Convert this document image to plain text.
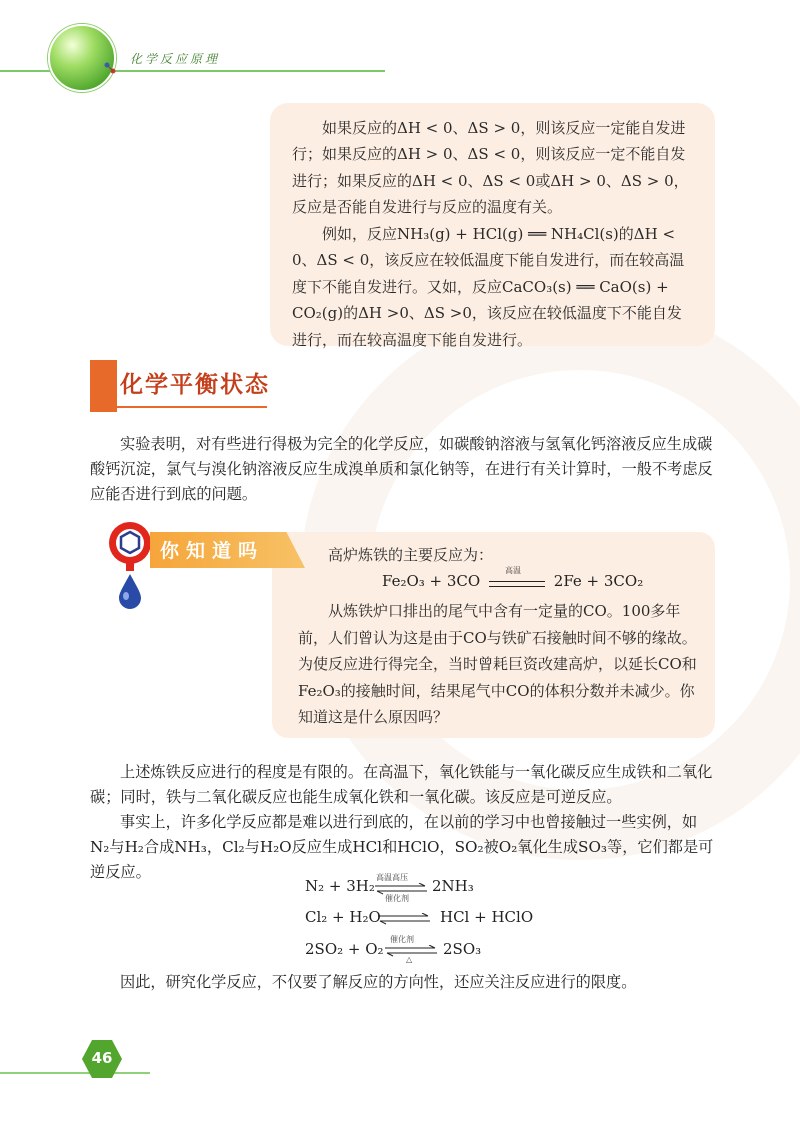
化学反应原理

如果反应的ΔH < 0、ΔS > 0，则该反应一定能自发进行；如果反应的ΔH > 0、ΔS < 0，则该反应一定不能自发进行；如果反应的ΔH < 0、ΔS < 0或ΔH > 0、ΔS > 0，反应是否能自发进行与反应的温度有关。

例如，反应NH₃(g) + HCl(g) ══ NH₄Cl(s)的ΔH < 0、ΔS < 0，该反应在较低温度下能自发进行，而在较高温度下不能自发进行。又如，反应CaCO₃(s) ══ CaO(s) + CO₂(g)的ΔH >0、ΔS >0，该反应在较低温度下不能自发进行，而在较高温度下能自发进行。

化学平衡状态

实验表明，对有些进行得极为完全的化学反应，如碳酸钠溶液与氢氧化钙溶液反应生成碳酸钙沉淀，氯气与溴化钠溶液反应生成溴单质和氯化钠等，在进行有关计算时，一般不考虑反应能否进行到底的问题。

高炉炼铁的主要反应为：

Fe₂O₃ + 3CO
高温
2Fe + 3CO₂

从炼铁炉口排出的尾气中含有一定量的CO。100多年前，人们曾认为这是由于CO与铁矿石接触时间不够的缘故。为使反应进行得完全，当时曾耗巨资改建高炉，以延长CO和Fe₂O₃的接触时间，结果尾气中CO的体积分数并未减少。你知道这是什么原因吗？

你知道吗

上述炼铁反应进行的程度是有限的。在高温下，氧化铁能与一氧化碳反应生成铁和二氧化碳；同时，铁与二氧化碳反应也能生成氧化铁和一氧化碳。该反应是可逆反应。

事实上，许多化学反应都是难以进行到底的，在以前的学习中也曾接触过一些实例，如N₂与H₂合成NH₃，Cl₂与H₂O反应生成HCl和HClO，SO₂被O₂氧化生成SO₃等，它们都是可逆反应。

N₂ + 3H₂ 高温高压
催化剂
2NH₃
Cl₂ + H₂O	HCl + HClO
2SO₂ + O₂
催化剂
△
2SO₃

因此，研究化学反应，不仅要了解反应的方向性，还应关注反应进行的限度。

46
